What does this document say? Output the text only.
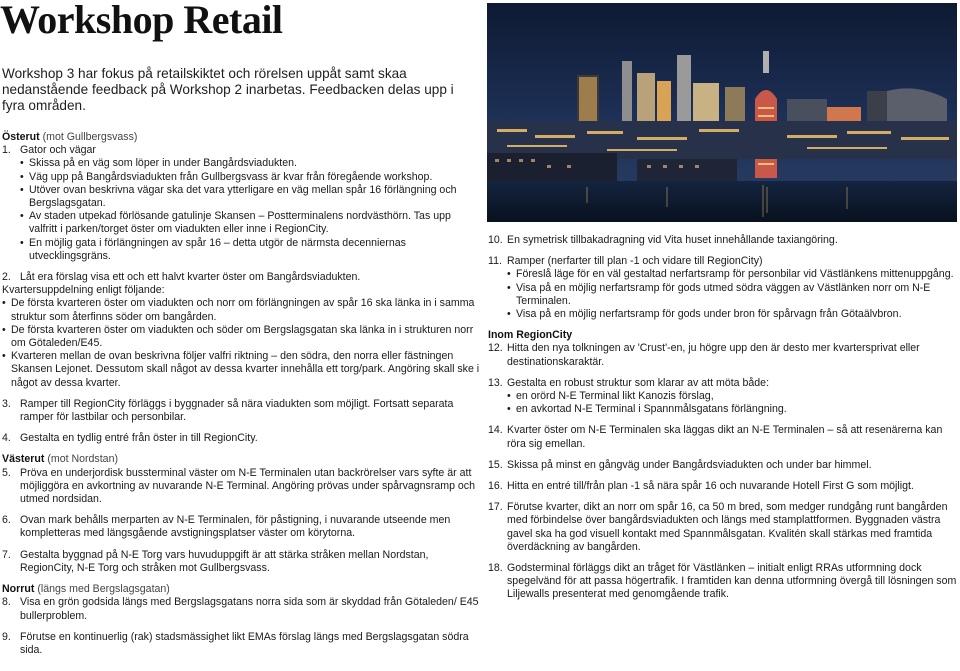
Workshop Retail

Workshop 3 har fokus på retailskiktet och rörelsen uppåt samt skaa nedanstående feedback på Workshop 2 inarbetas. Feedbacken delas upp i fyra områden.

Österut (mot Gullbergsvass)

1. Gator och vägar

•
Skissa på en väg som löper in under Bangårdsviadukten.
•
Väg upp på Bangårdsviadukten från Gullbergsvass är kvar från föregående workshop.
•
Utöver ovan beskrivna vägar ska det vara ytterligare en väg mellan spår 16 förlängning och Bergslagsgatan.
•
Av staden utpekad förlösande gatulinje Skansen – Postterminalens nordvästhörn. Tas upp valfritt i parken/torget öster om viadukten eller inne i RegionCity.
•
En möjlig gata i förlängningen av spår 16 – detta utgör de närmsta decenniernas utvecklingsgräns.
2. Låt era förslag visa ett och ett halvt kvarter öster om Bangårdsviadukten.

Kvartersuppdelning enligt följande:

•
De första kvarteren öster om viadukten och norr om förlängningen av spår 16 ska länka in i samma struktur som återfinns söder om bangården.
•
De första kvarteren öster om viadukten och söder om Bergslagsgatan ska länka in i strukturen norr om Götaleden/E45.
•
Kvarteren mellan de ovan beskrivna följer valfri riktning – den södra, den norra eller fästningen Skansen Lejonet. Dessutom skall något av dessa kvarter innehålla ett torg/park. Angöring skall ske i något av dessa kvarter.
3. Ramper till RegionCity förläggs i byggnader så nära viadukten som möjligt. Fortsatt separata ramper för lastbilar och personbilar.

4. Gestalta en tydlig entré från öster in till RegionCity.

Västerut (mot Nordstan)

5. Pröva en underjordisk bussterminal väster om N-E Terminalen utan backrörelser vars syfte är att möjliggöra en avkortning av nuvarande N-E Terminal. Angöring prövas under spårvagnsramp och utmed nordsidan.

6. Ovan mark behålls merparten av N-E Terminalen, för påstigning, i nuvarande utseende men kompletteras med längsgående avstigningsplatser väster om körytorna.

7. Gestalta byggnad på N-E Torg vars huvuduppgift är att stärka stråken mellan Nordstan, RegionCity, N-E Torg och stråken mot Gullbergsvass.

Norrut (längs med Bergslagsgatan)

8. Visa en grön godsida längs med Bergslagsgatans norra sida som är skyddad från Götaleden/ E45 bullerproblem.

9. Förutse en kontinuerlig (rak) stadsmässighet likt EMAs förslag längs med Bergslagsgatan södra sida.

10. En symetrisk tillbakadragning vid Vita huset innehållande taxiangöring.

11. Ramper (nerfarter till plan -1 och vidare till RegionCity)

•
Föreslå läge för en väl gestaltad nerfartsramp för personbilar vid Västlänkens mittenuppgång.
•
Visa på en möjlig nerfartsramp för gods utmed södra väggen av Västlänken norr om N-E Terminalen.
•
Visa på en möjlig nerfartsramp för gods under bron för spårvagn från Götaälvbron.

Inom RegionCity

12. Hitta den nya tolkningen av 'Crust'-en, ju högre upp den är desto mer kvartersprivat eller destinationskaraktär.

13. Gestalta en robust struktur som klarar av att möta både:

•
en orörd N-E Terminal likt Kanozis förslag,
•
en avkortad N-E Terminal i Spannmålsgatans förlängning.
14. Kvarter öster om N-E Terminalen ska läggas dikt an N-E Terminalen – så att resenärerna kan röra sig emellan.

15. Skissa på minst en gångväg under Bangårdsviadukten och under bar himmel.

16. Hitta en entré till/från plan -1 så nära spår 16 och nuvarande Hotell First G som möjligt.

17. Förutse kvarter, dikt an norr om spår 16, ca 50 m bred, som medger rundgång runt bangården med förbindelse över bangårdsviadukten och längs med stamplattformen. Byggnaden västra gavel ska ha god visuell kontakt med Spannmålsgatan. Kvalitén skall stärkas med framtida överdäckning av bangården.

18. Godsterminal förläggs dikt an tråget för Västlänken – initialt enligt RRAs utformning dock spegelvänd för att passa högertrafik. I framtiden kan denna utformning övergå till lösningen som Liljewalls presenterat med genomgående trafik.
